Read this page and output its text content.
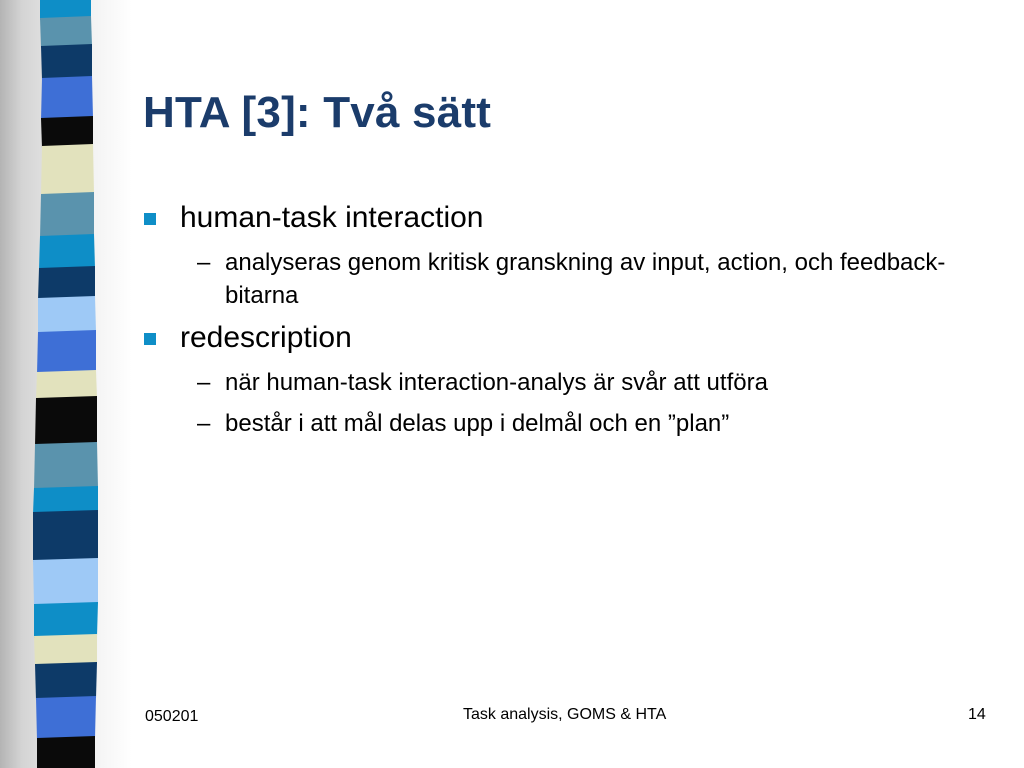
HTA [3]: Två sätt
human-task interaction
– analyseras genom kritisk granskning av input, action, och feedback-bitarna
redescription
– när human-task interaction-analys är svår att utföra
– består i att mål delas upp i delmål och en ”plan”
050201	Task analysis, GOMS & HTA	14
